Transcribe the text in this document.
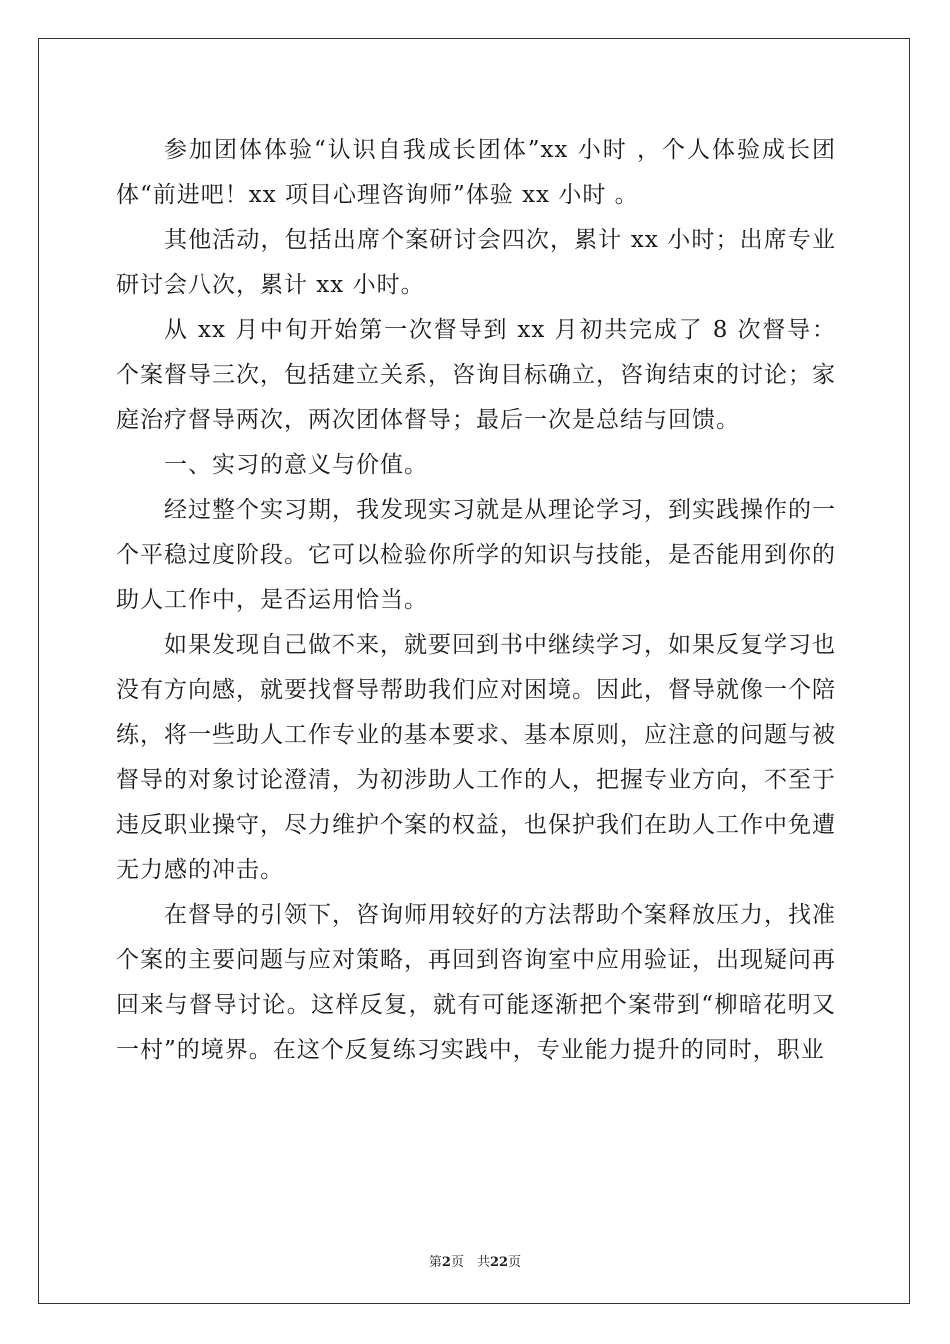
参加团体体验“认识自我成长团体”xx 小时 ，个人体验成长团体“前进吧！xx 项目心理咨询师”体验 xx 小时 。

其他活动，包括出席个案研讨会四次，累计 xx 小时；出席专业研讨会八次，累计 xx 小时。

从 xx 月中旬开始第一次督导到 xx 月初共完成了 8 次督导：个案督导三次，包括建立关系，咨询目标确立，咨询结束的讨论；家庭治疗督导两次，两次团体督导；最后一次是总结与回馈。

一、实习的意义与价值。

经过整个实习期，我发现实习就是从理论学习，到实践操作的一个平稳过度阶段。它可以检验你所学的知识与技能，是否能用到你的助人工作中，是否运用恰当。

如果发现自己做不来，就要回到书中继续学习，如果反复学习也没有方向感，就要找督导帮助我们应对困境。因此，督导就像一个陪练，将一些助人工作专业的基本要求、基本原则，应注意的问题与被督导的对象讨论澄清，为初涉助人工作的人，把握专业方向，不至于违反职业操守，尽力维护个案的权益，也保护我们在助人工作中免遭无力感的冲击。

在督导的引领下，咨询师用较好的方法帮助个案释放压力，找准个案的主要问题与应对策略，再回到咨询室中应用验证，出现疑问再回来与督导讨论。这样反复，就有可能逐渐把个案带到“柳暗花明又一村”的境界。在这个反复练习实践中，专业能力提升的同时，职业

第2页　共22页
